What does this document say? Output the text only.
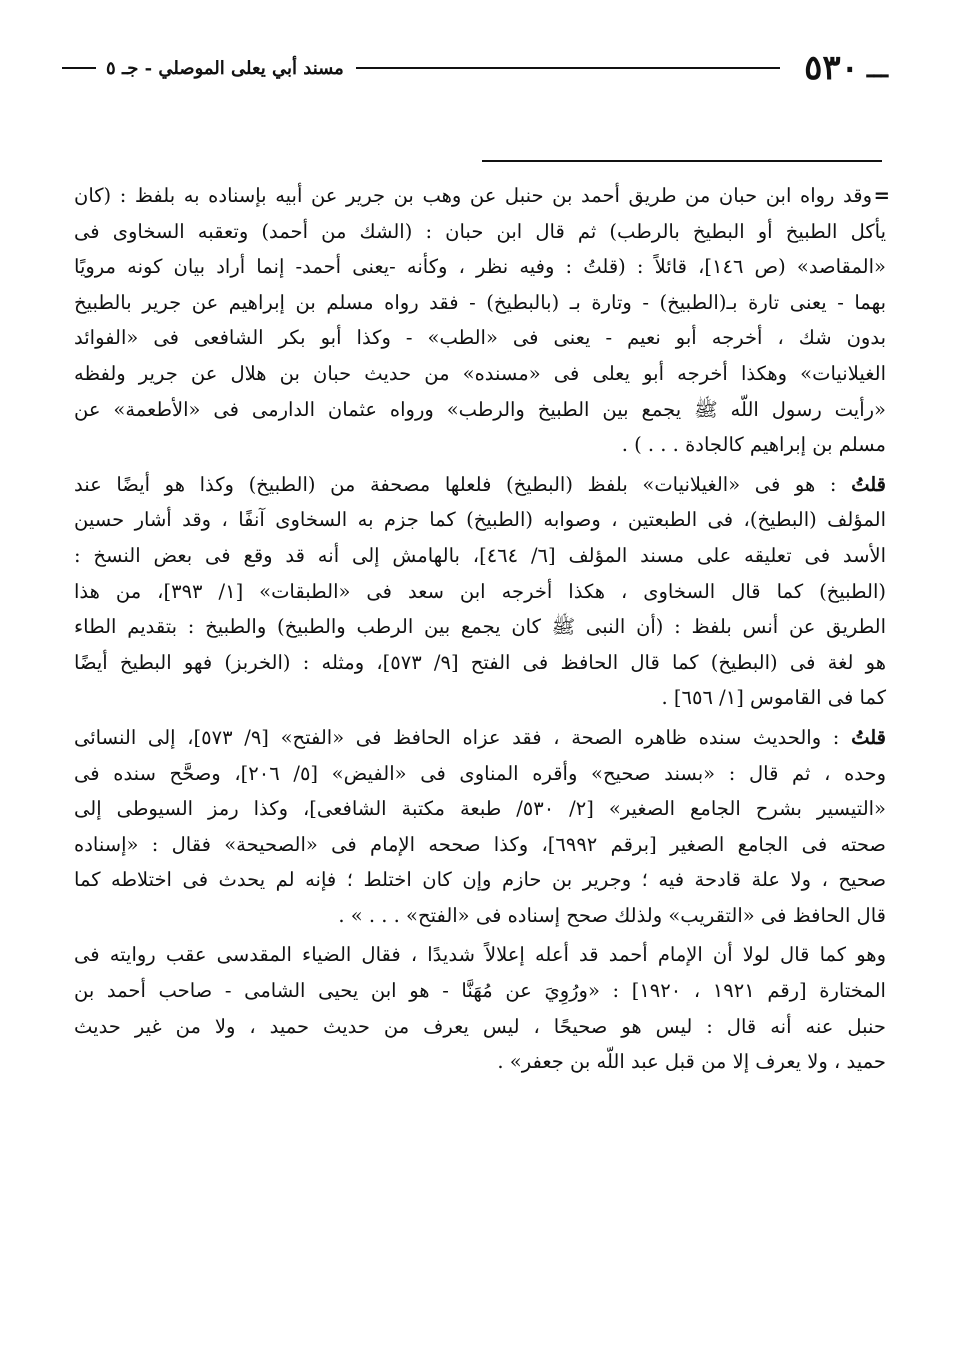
ـــ
٥٣٠
مسند أبي يعلى الموصلي - جـ ٥

=
وقد رواه ابن حبان من طريق أحمد بن حنبل عن وهب بن جرير عن أبيه بإسناده به بلفظ : (كان
يأكل الطبيخ أو البطيخ بالرطب) ثم قال ابن حبان : (الشك من أحمد) وتعقبه السخاوى فى
«المقاصد» (ص ١٤٦]، قائلاً : (قلتُ : وفيه نظر ، وكأنه -يعنى أحمد- إنما أراد بيان كونه مرويًا
بهما - يعنى تارة بـ(الطبيخ) - وتارة بـ (بالبطيخ) - فقد رواه مسلم بن إبراهيم عن جرير بالطبيخ
بدون شك ، أخرجه أبو نعيم - يعنى فى «الطب» - وكذا أبو بكر الشافعى فى «الفوائد
الغيلانيات» وهكذا أخرجه أبو يعلى فى «مسنده» من حديث حبان بن هلال عن جرير ولفظه
«رأيت رسول اللّه ﷺ يجمع بين الطبيخ والرطب» ورواه عثمان الدارمى فى «الأطعمة» عن
مسلم بن إبراهيم كالجادة . . . ) .

قلتُ : هو فى «الغيلانيات» بلفظ (البطيخ) فلعلها مصحفة من (الطبيخ) وكذا هو أيضًا عند
المؤلف (البطيخ)، فى الطبعتين ، وصوابه (الطبيخ) كما جزم به السخاوى آنفًا ، وقد أشار حسين
الأسد فى تعليقه على مسند المؤلف [٦/ ٤٦٤]، بالهامش إلى أنه قد وقع فى بعض النسخ :
(الطبيخ) كما قال السخاوى ، هكذا أخرجه ابن سعد فى «الطبقات» [١/ ٣٩٣]، من هذا
الطريق عن أنس بلفظ : (أن النبى ﷺ كان يجمع بين الرطب والطبيخ) والطبيخ : بتقديم الطاء
هو لغة فى (البطيخ) كما قال الحافظ فى الفتح [٩/ ٥٧٣]، ومثله : (الخربز) فهو البطيخ أيضًا
كما فى القاموس [١/ ٦٥٦] .

قلتُ : والحديث سنده ظاهره الصحة ، فقد عزاه الحافظ فى «الفتح» [٩/ ٥٧٣]، إلى النسائى
وحده ، ثم قال : «بسند صحيح» وأقره المناوى فى «الفيض» [٥/ ٢٠٦]، وصحَّح سنده فى
«التيسير بشرح الجامع الصغير» [٢/ ٥٣٠/ طبعة مكتبة الشافعى]، وكذا رمز السيوطى إلى
صحته فى الجامع الصغير [برقم ٦٩٩٢]، وكذا صححه الإمام فى «الصحيحة» فقال : «إسناده
صحيح ، ولا علة قادحة فيه ؛ وجرير بن حازم وإن كان اختلط ؛ فإنه لم يحدث فى اختلاطه كما
قال الحافظ فى «التقريب» ولذلك صحح إسناده فى «الفتح» . . . » .

وهو كما قال لولا أن الإمام أحمد قد أعله إعلالاً شديدًا ، فقال الضياء المقدسى عقب روايته فى
المختارة [رقم ١٩٢١ ، ١٩٢٠] : «ورُوِيَ عن مُهَنَّا - هو ابن يحيى الشامى - صاحب أحمد بن
حنبل عنه أنه قال : ليس هو صحيحًا ، ليس يعرف من حديث حميد ، ولا من غير حديث
حميد ، ولا يعرف إلا من قبل عبد اللّه بن جعفر» .
